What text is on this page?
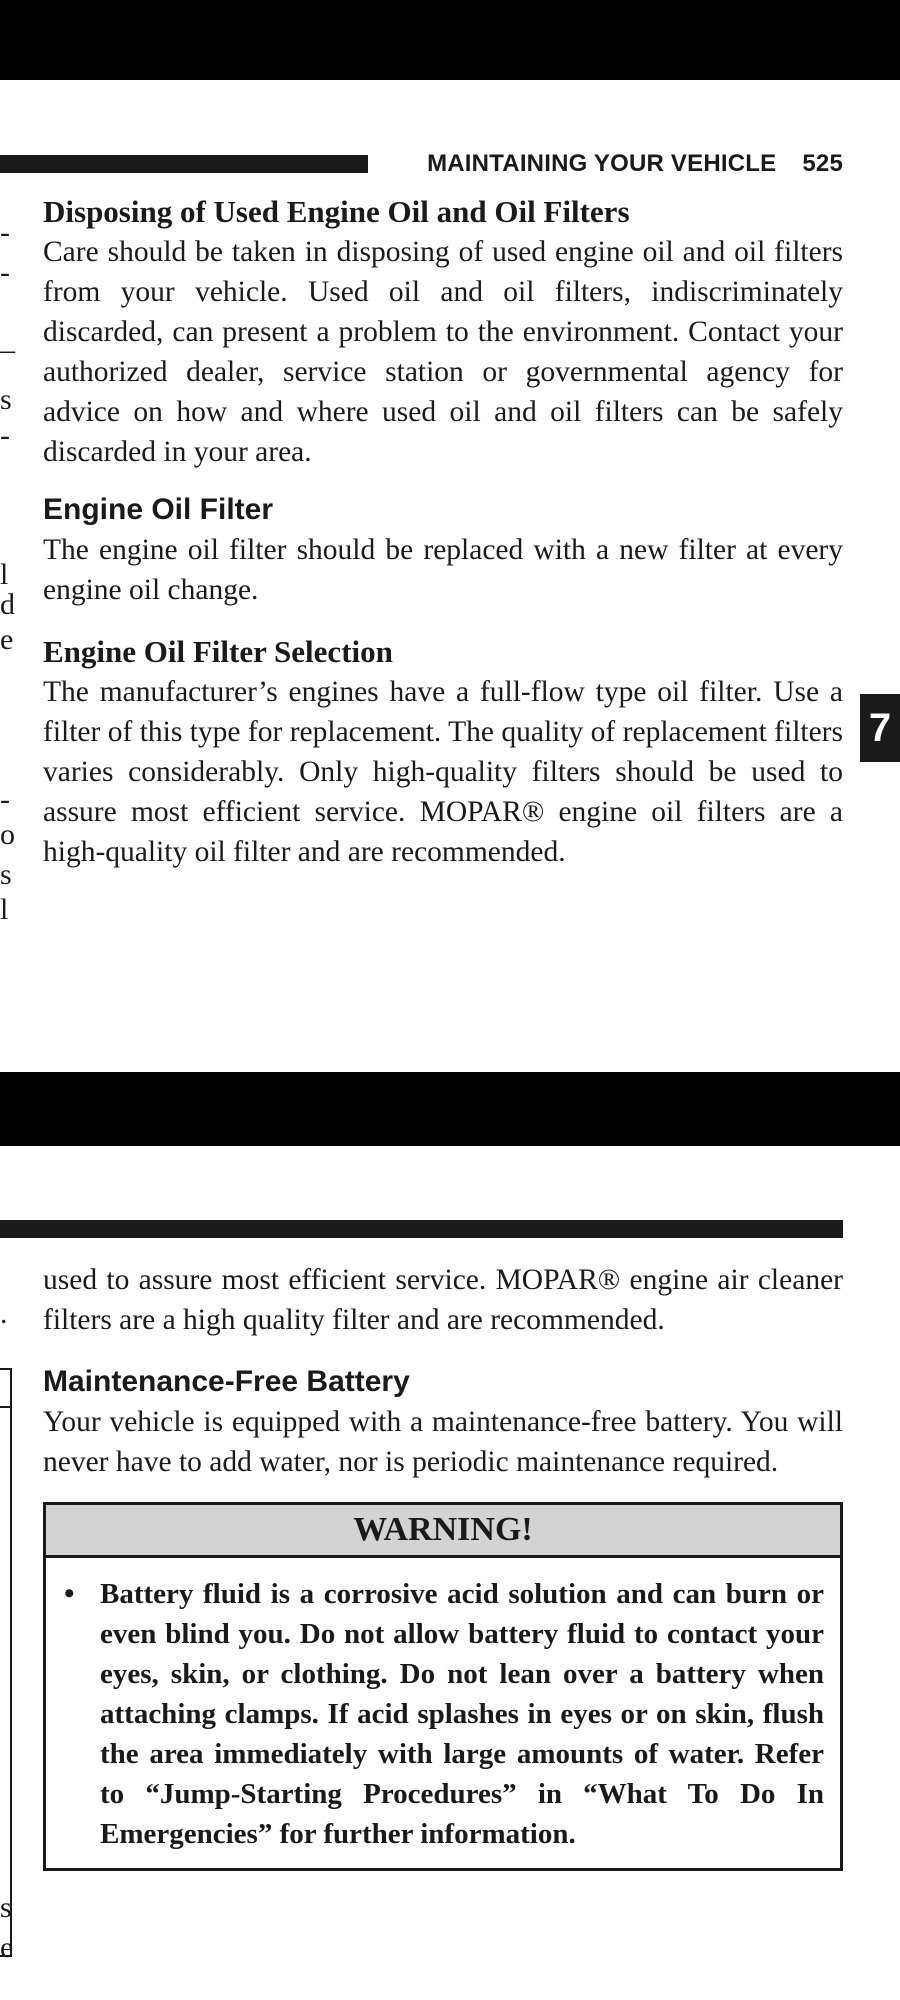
MAINTAINING YOUR VEHICLE 525
7
-
-
_
s
-
l
d
e
-
o
s
l
Disposing of Used Engine Oil and Oil Filters

Care should be taken in disposing of used engine oil and oil filters from your vehicle. Used oil and oil filters, indiscriminately discarded, can present a problem to the environment. Contact your authorized dealer, service station or governmental agency for advice on how and where used oil and oil filters can be safely discarded in your area.

Engine Oil Filter

The engine oil filter should be replaced with a new filter at every engine oil change.

Engine Oil Filter Selection

The manufacturer’s engines have a full-flow type oil filter. Use a filter of this type for replacement. The quality of replacement filters varies considerably. Only high-quality filters should be used to assure most efficient service. MOPAR® engine oil filters are a high-quality oil filter and are recommended.

.
s
e

used to assure most efficient service. MOPAR® engine air cleaner filters are a high quality filter and are recommended.

Maintenance-Free Battery

Your vehicle is equipped with a maintenance-free battery. You will never have to add water, nor is periodic maintenance required.

WARNING!
• Battery fluid is a corrosive acid solution and can burn or even blind you. Do not allow battery fluid to contact your eyes, skin, or clothing. Do not lean over a battery when attaching clamps. If acid splashes in eyes or on skin, flush the area immediately with large amounts of water. Refer to “Jump-Starting Procedures” in “What To Do In Emergencies” for further information.
